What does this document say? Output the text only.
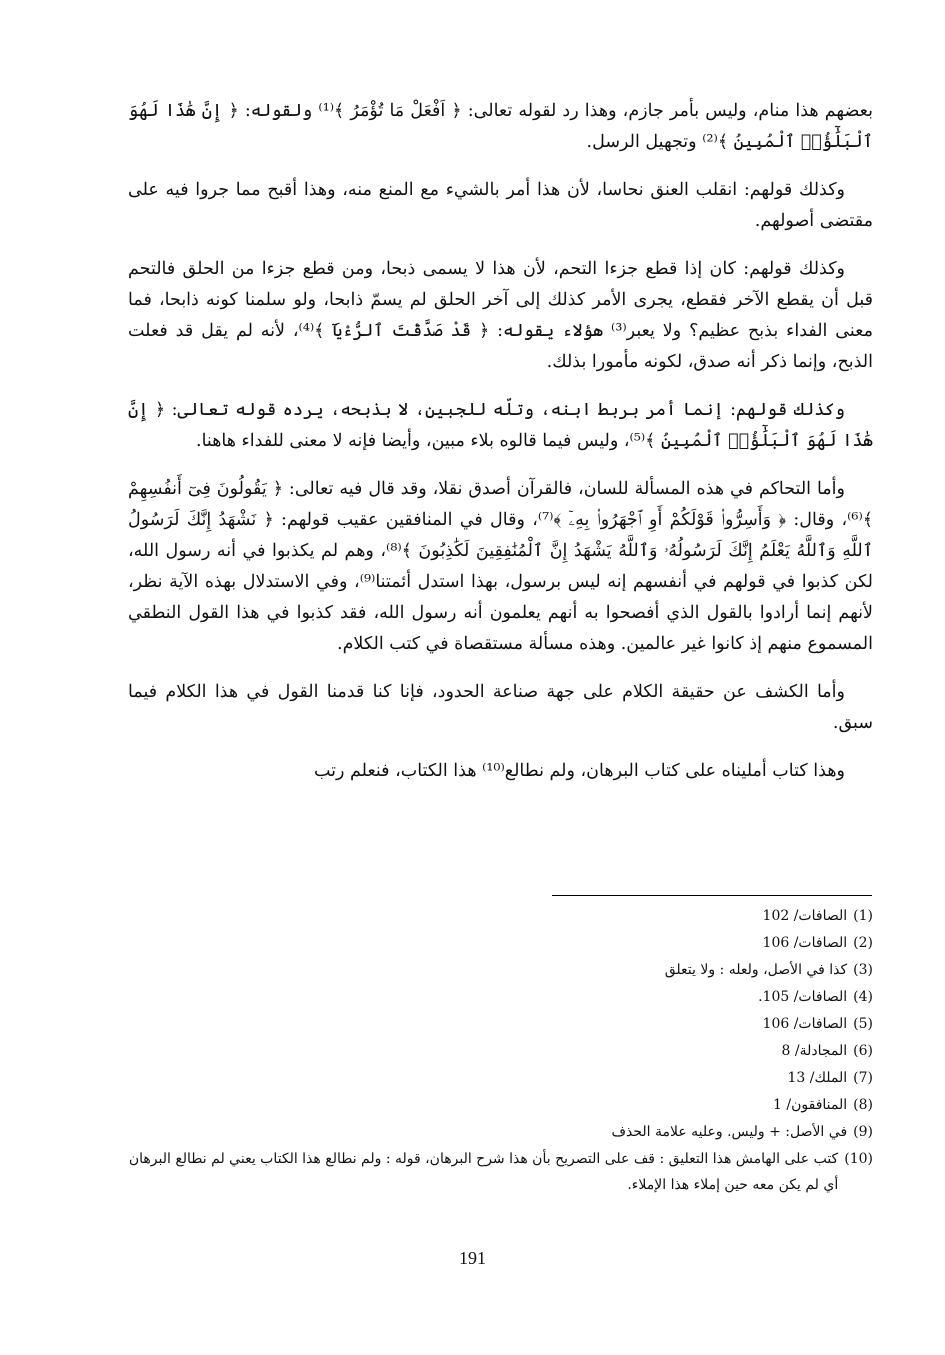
بعضهم هذا منام، وليس بأمر جازم، وهذا رد لقوله تعالى: ﴿ اَفْعَلْ مَا تُؤْمَرُ ﴾⁽¹⁾ ولقوله: ﴿ إِنَّ هَٰذَا لَهُوَ ٱلْبَلَٰٓؤُا۟ ٱلْمُبِينُ ﴾⁽²⁾ وتجهيل الرسل.

وكذلك قولهم: انقلب العنق نحاسا، لأن هذا أمر بالشيء مع المنع منه، وهذا أقبح مما جروا فيه على مقتضى أصولهم.

وكذلك قولهم: كان إذا قطع جزءا التحم، لأن هذا لا يسمى ذبحا، ومن قطع جزءا من الحلق فالتحم قبل أن يقطع الآخر فقطع، يجرى الأمر كذلك إلى آخر الحلق لم يسمّ ذابحا، ولو سلمنا كونه ذابحا، فما معنى الفداء بذبح عظيم؟ ولا يعبر⁽³⁾ هؤلاء يقوله: ﴿ قَدْ صَدَّقْتَ ٱلرُّءْيَآ ﴾⁽⁴⁾، لأنه لم يقل قد فعلت الذبح، وإنما ذكر أنه صدق، لكونه مأمورا بذلك.

وكذلك قولهم: إنما أمر بربط ابنه، وتلّه للجبين، لا بذبحه، يرده قوله تعالى: ﴿ إِنَّ هَٰذَا لَهُوَ ٱلْبَلَٰٓؤُا۟ ٱلْمُبِينُ ﴾⁽⁵⁾، وليس فيما قالوه بلاء مبين، وأيضا فإنه لا معنى للفداء هاهنا.

وأما التحاكم في هذه المسألة للسان، فالقرآن أصدق نقلا، وقد قال فيه تعالى: ﴿ يَقُولُونَ فِىٓ أَنفُسِهِمْ ﴾⁽⁶⁾، وقال: ﴿ وَأَسِرُّوا۟ قَوْلَكُمْ أَوِ ٱجْهَرُوا۟ بِهِۦٓ ﴾⁽⁷⁾، وقال في المنافقين عقيب قولهم: ﴿ نَشْهَدُ إِنَّكَ لَرَسُولُ ٱللَّهِ وَٱللَّهُ يَعْلَمُ إِنَّكَ لَرَسُولُهُۥ وَٱللَّهُ يَشْهَدُ إِنَّ ٱلْمُنَٰفِقِينَ لَكَٰذِبُونَ ﴾⁽⁸⁾، وهم لم يكذبوا في أنه رسول الله، لكن كذبوا في قولهم في أنفسهم إنه ليس برسول، بهذا استدل أئمتنا⁽⁹⁾، وفي الاستدلال بهذه الآية نظر، لأنهم إنما أرادوا بالقول الذي أفصحوا به أنهم يعلمون أنه رسول الله، فقد كذبوا في هذا القول النطقي المسموع منهم إذ كانوا غير عالمين. وهذه مسألة مستقصاة في كتب الكلام.

وأما الكشف عن حقيقة الكلام على جهة صناعة الحدود، فإنا كنا قدمنا القول في هذا الكلام فيما سبق.

وهذا كتاب أمليناه على كتاب البرهان، ولم نطالع⁽¹⁰⁾ هذا الكتاب، فنعلم رتب

(1)
الصافات/ 102
(2)
الصافات/ 106
(3)
كذا في الأصل، ولعله : ولا يتعلق
(4)
الصافات/ 105.
(5)
الصافات/ 106
(6)
المجادلة/ 8
(7)
الملك/ 13
(8)
المنافقون/ 1
(9)
في الأصل: + وليس. وعليه علامة الحذف
(10)
كتب على الهامش هذا التعليق : قف على التصريح بأن هذا شرح البرهان، قوله : ولم نطالع هذا الكتاب يعني لم نطالع البرهان أي لم يكن معه حين إملاء هذا الإملاء.
191
